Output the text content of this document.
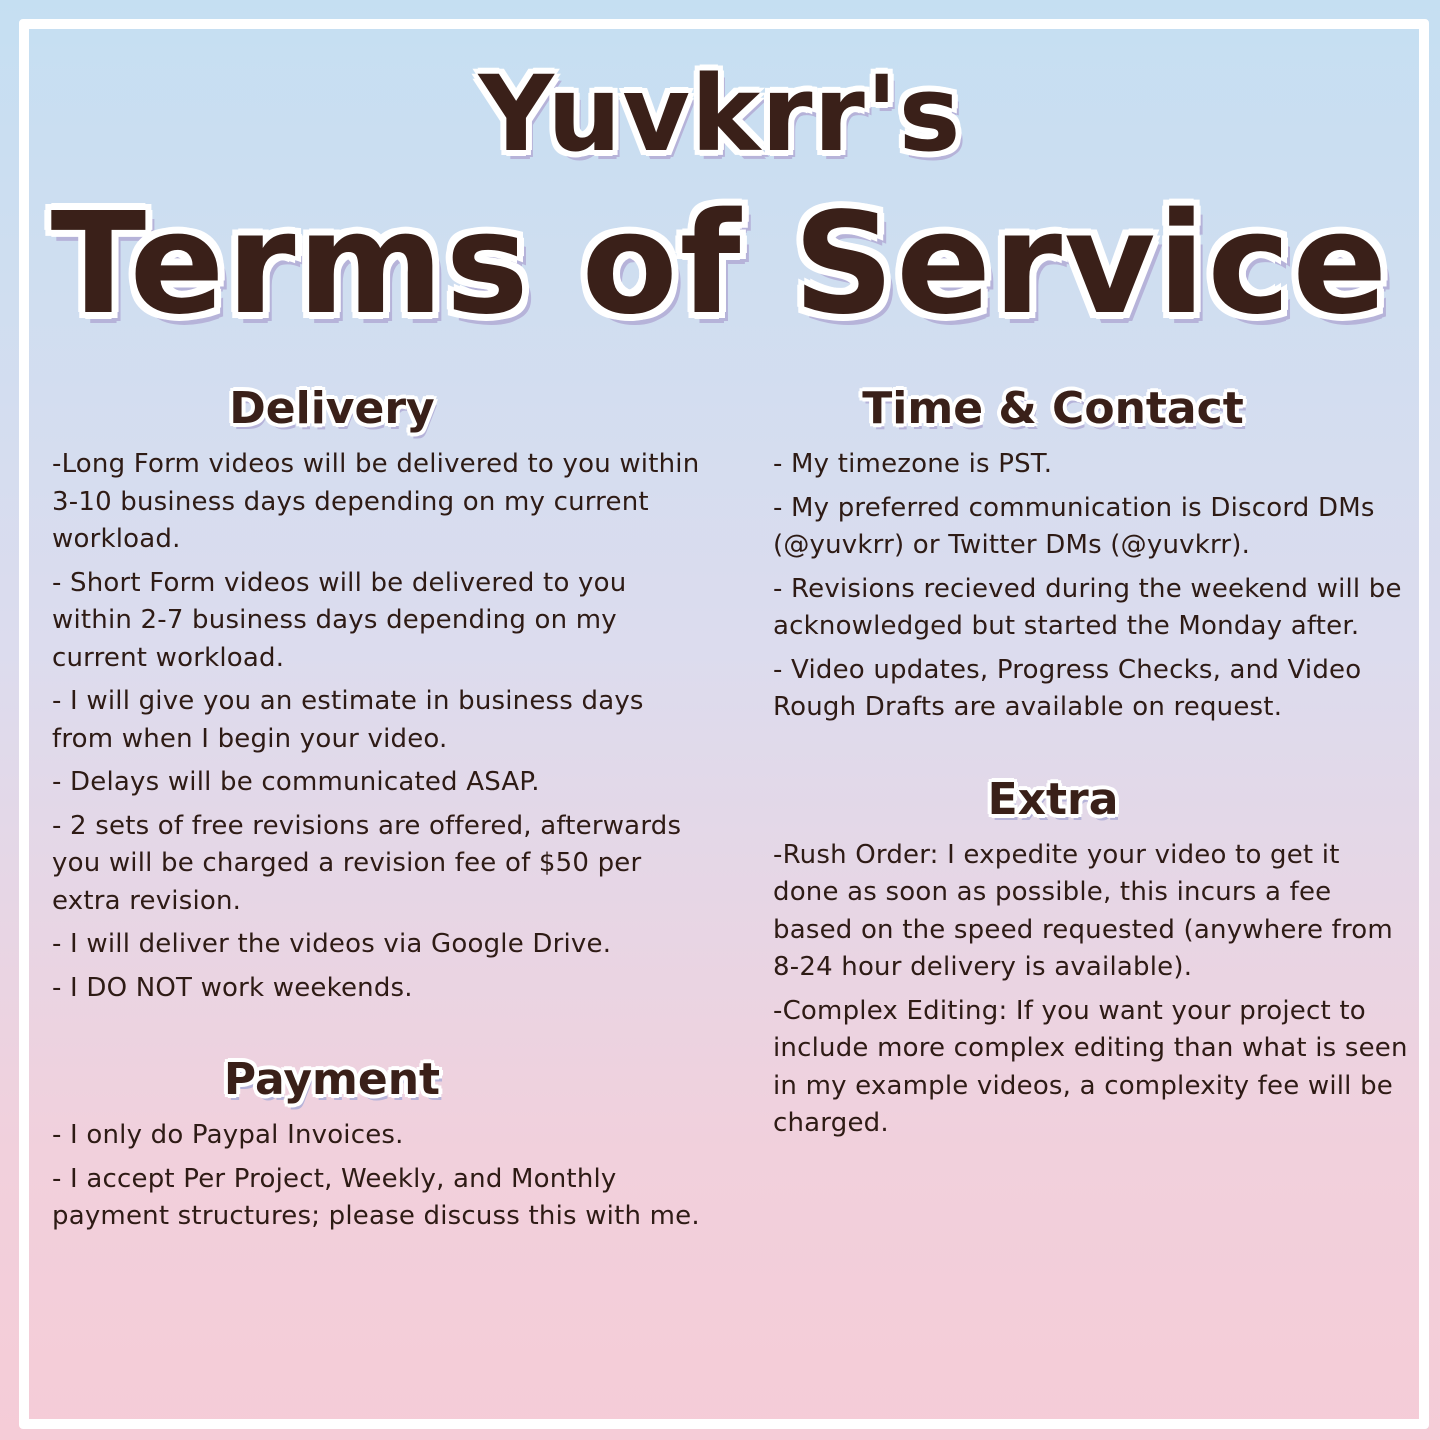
Yuvkrr's
Terms of Service
Delivery
-Long Form videos will be delivered to you within 3-10 business days depending on my current workload.
- Short Form videos will be delivered to you within 2-7 business days depending on my current workload.
- I will give you an estimate in business days from when I begin your video.
- Delays will be communicated ASAP.
- 2 sets of free revisions are offered, afterwards you will be charged a revision fee of $50 per extra revision.
- I will deliver the videos via Google Drive.
- I DO NOT work weekends.
Payment
- I only do Paypal Invoices.
- I accept Per Project, Weekly, and Monthly payment structures; please discuss this with me.
Time & Contact
- My timezone is PST.
- My preferred communication is Discord DMs (@yuvkrr) or Twitter DMs (@yuvkrr).
- Revisions recieved during the weekend will be acknowledged but started the Monday after.
- Video updates, Progress Checks, and Video Rough Drafts are available on request.
Extra
-Rush Order: I expedite your video to get it done as soon as possible, this incurs a fee based on the speed requested (anywhere from 8-24 hour delivery is available).
-Complex Editing: If you want your project to include more complex editing than what is seen in my example videos, a complexity fee will be charged.
